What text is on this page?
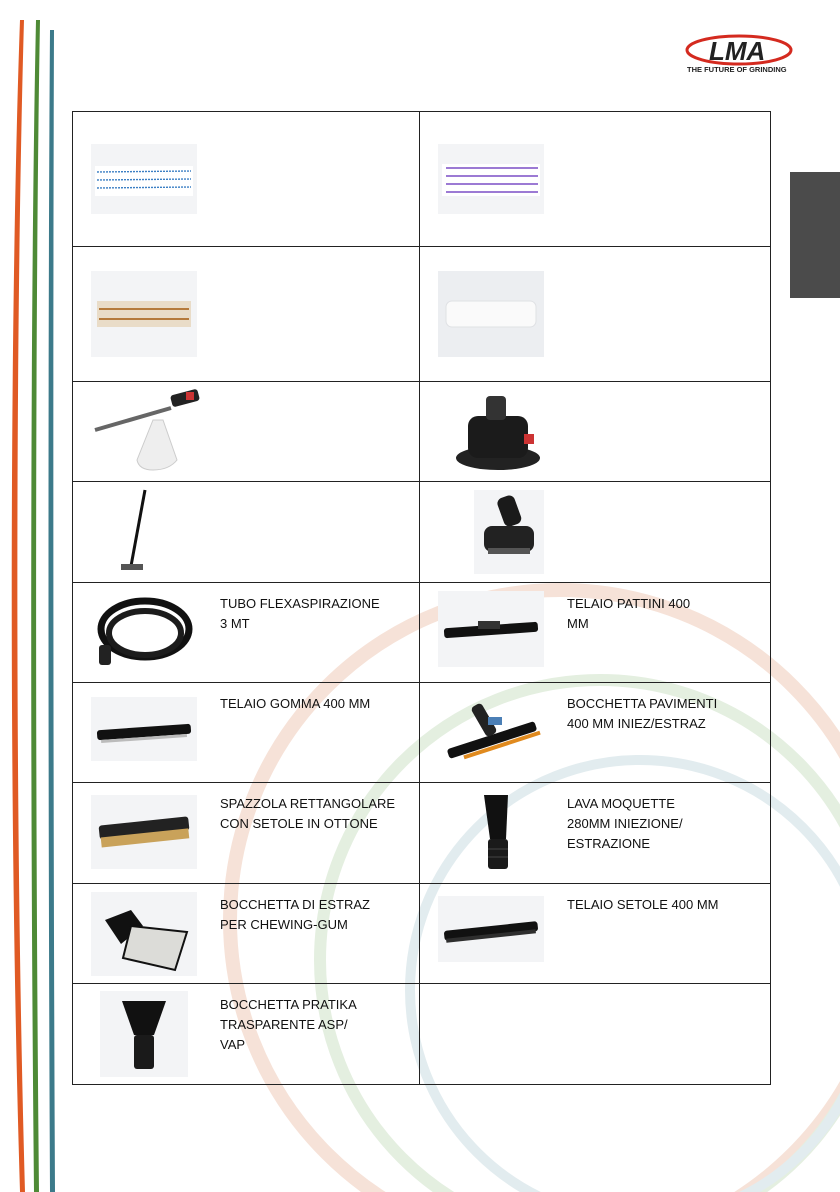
LMA
THE FUTURE OF GRINDING
TUBO FLEXASPIRAZIONE
3 MT
TELAIO PATTINI 400
MM
TELAIO GOMMA 400 MM	BOCCHETTA PAVIMENTI
400 MM INIEZ/ESTRAZ
SPAZZOLA RETTANGOLARE
CON SETOLE IN OTTONE
LAVA MOQUETTE
280MM INIEZIONE/
ESTRAZIONE
BOCCHETTA DI ESTRAZ
PER CHEWING-GUM
TELAIO SETOLE 400 MM
BOCCHETTA PRATIKA
TRASPARENTE ASP/
VAP
